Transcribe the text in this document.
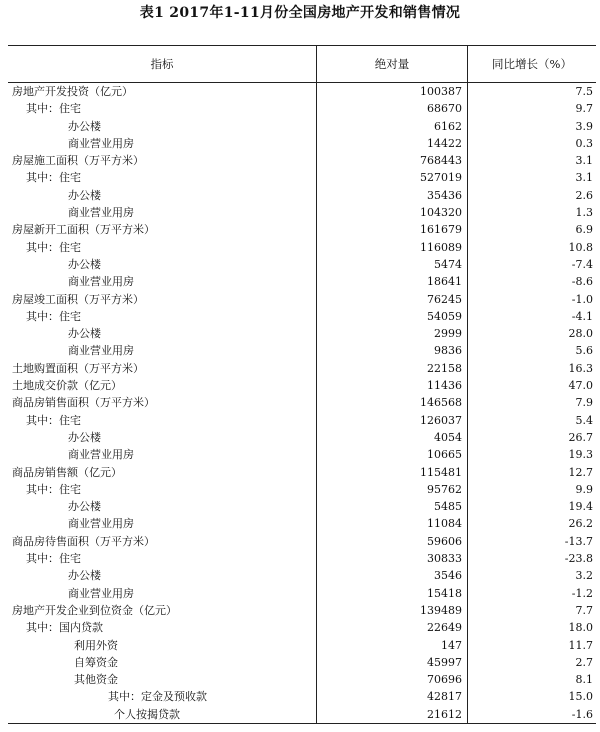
表1 2017年1-11月份全国房地产开发和销售情况
指标	绝对量	同比增长（%）
房地产开发投资（亿元）	100387	7.5
其中：住宅	68670	9.7
办公楼	6162	3.9
商业营业用房	14422	0.3
房屋施工面积（万平方米）	768443	3.1
其中：住宅	527019	3.1
办公楼	35436	2.6
商业营业用房	104320	1.3
房屋新开工面积（万平方米）	161679	6.9
其中：住宅	116089	10.8
办公楼	5474	-7.4
商业营业用房	18641	-8.6
房屋竣工面积（万平方米）	76245	-1.0
其中：住宅	54059	-4.1
办公楼	2999	28.0
商业营业用房	9836	5.6
土地购置面积（万平方米）	22158	16.3
土地成交价款（亿元）	11436	47.0
商品房销售面积（万平方米）	146568	7.9
其中：住宅	126037	5.4
办公楼	4054	26.7
商业营业用房	10665	19.3
商品房销售额（亿元）	115481	12.7
其中：住宅	95762	9.9
办公楼	5485	19.4
商业营业用房	11084	26.2
商品房待售面积（万平方米）	59606	-13.7
其中：住宅	30833	-23.8
办公楼	3546	3.2
商业营业用房	15418	-1.2
房地产开发企业到位资金（亿元）	139489	7.7
其中：国内贷款	22649	18.0
利用外资	147	11.7
自筹资金	45997	2.7
其他资金	70696	8.1
其中：定金及预收款	42817	15.0
个人按揭贷款	21612	-1.6
